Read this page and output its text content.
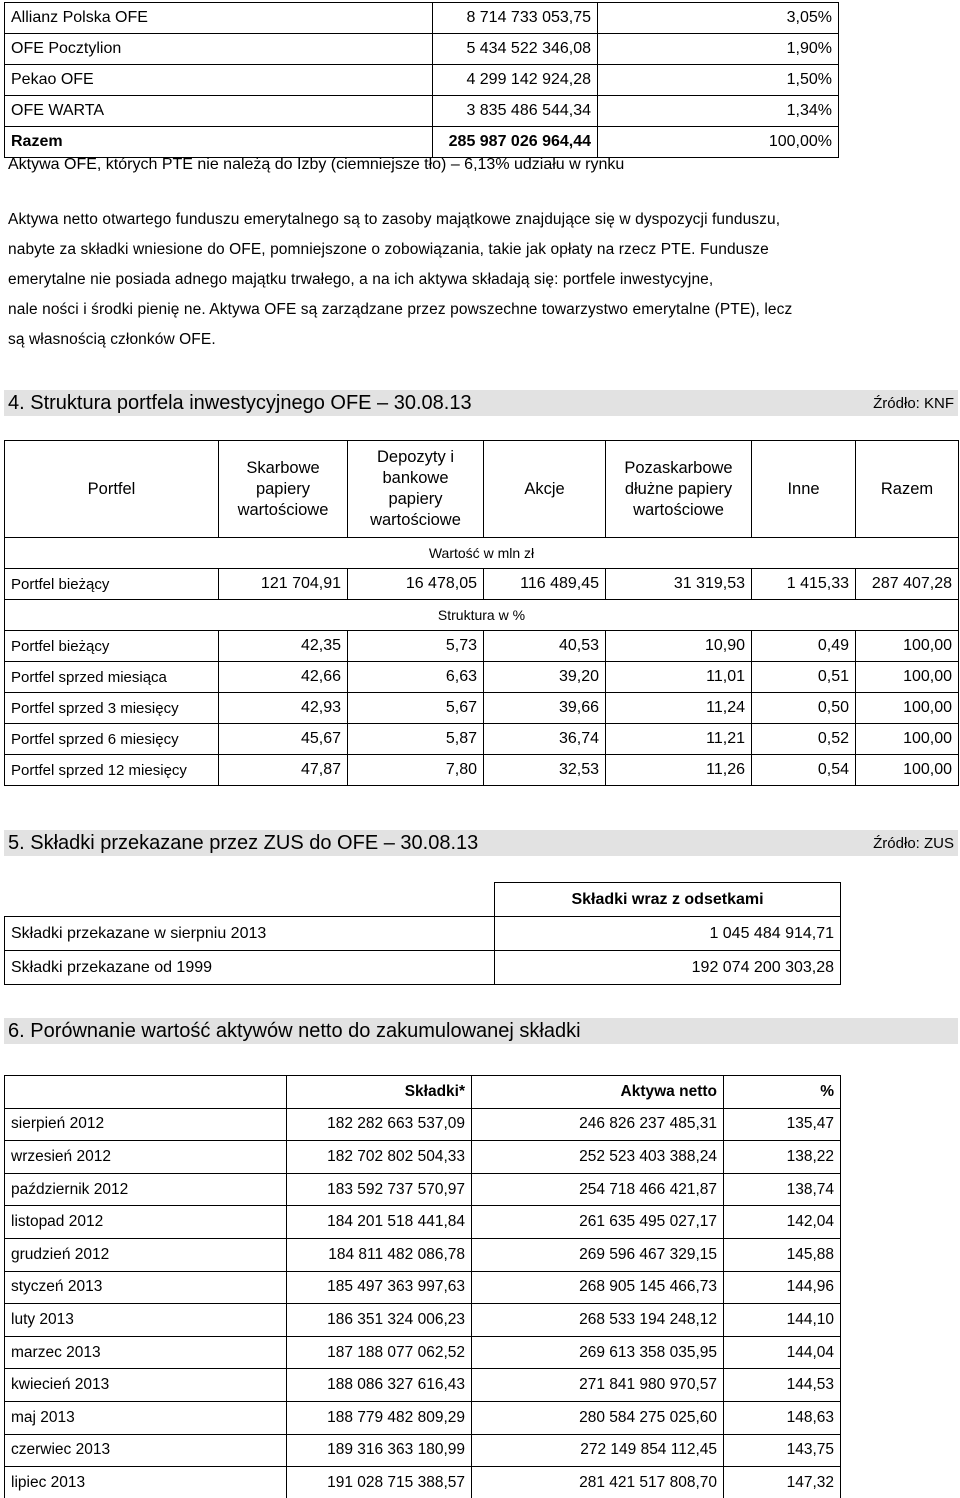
Allianz Polska OFE	8 714 733 053,75	3,05%
OFE Pocztylion	5 434 522 346,08	1,90%
Pekao OFE	4 299 142 924,28	1,50%
OFE WARTA	3 835 486 544,34	1,34%
Razem	285 987 026 964,44	100,00%
Aktywa OFE, których PTE nie należą do Izby (ciemniejsze tło) – 6,13% udziału w rynku
Aktywa netto otwartego funduszu emerytalnego są to zasoby majątkowe znajdujące się w dyspozycji funduszu,
nabyte za składki wniesione do OFE, pomniejszone o zobowiązania, takie jak opłaty na rzecz PTE. Fundusze
emerytalne nie posiada adnego majątku trwałego, a na ich aktywa składają się: portfele inwestycyjne,
nale ności i środki pienię ne. Aktywa OFE są zarządzane przez powszechne towarzystwo emerytalne (PTE), lecz
są własnością członków OFE.
4. Struktura portfela inwestycyjnego OFE – 30.08.13	Źródło: KNF
Portfel	Skarbowe papiery wartościowe	Depozyty i bankowe papiery wartościowe	Akcje	Pozaskarbowe dłużne papiery wartościowe	Inne	Razem
Wartość w mln zł						
Portfel bieżący	121 704,91	16 478,05	116 489,45	31 319,53	1 415,33	287 407,28
Struktura w %						
Portfel bieżący	42,35	5,73	40,53	10,90	0,49	100,00
Portfel sprzed miesiąca	42,66	6,63	39,20	11,01	0,51	100,00
Portfel sprzed 3 miesięcy	42,93	5,67	39,66	11,24	0,50	100,00
Portfel sprzed 6 miesięcy	45,67	5,87	36,74	11,21	0,52	100,00
Portfel sprzed 12 miesięcy	47,87	7,80	32,53	11,26	0,54	100,00
5. Składki przekazane przez ZUS do OFE – 30.08.13	Źródło: ZUS
	Składki wraz z odsetkami
Składki przekazane w sierpniu 2013	1 045 484 914,71
Składki przekazane od 1999	192 074 200 303,28
6. Porównanie wartość aktywów netto do zakumulowanej składki
	Składki*	Aktywa netto	%
sierpień 2012	182 282 663 537,09	246 826 237 485,31	135,47
wrzesień 2012	182 702 802 504,33	252 523 403 388,24	138,22
październik 2012	183 592 737 570,97	254 718 466 421,87	138,74
listopad 2012	184 201 518 441,84	261 635 495 027,17	142,04
grudzień 2012	184 811 482 086,78	269 596 467 329,15	145,88
styczeń 2013	185 497 363 997,63	268 905 145 466,73	144,96
luty 2013	186 351 324 006,23	268 533 194 248,12	144,10
marzec 2013	187 188 077 062,52	269 613 358 035,95	144,04
kwiecień 2013	188 086 327 616,43	271 841 980 970,57	144,53
maj 2013	188 779 482 809,29	280 584 275 025,60	148,63
czerwiec 2013	189 316 363 180,99	272 149 854 112,45	143,75
lipiec 2013	191 028 715 388,57	281 421 517 808,70	147,32
